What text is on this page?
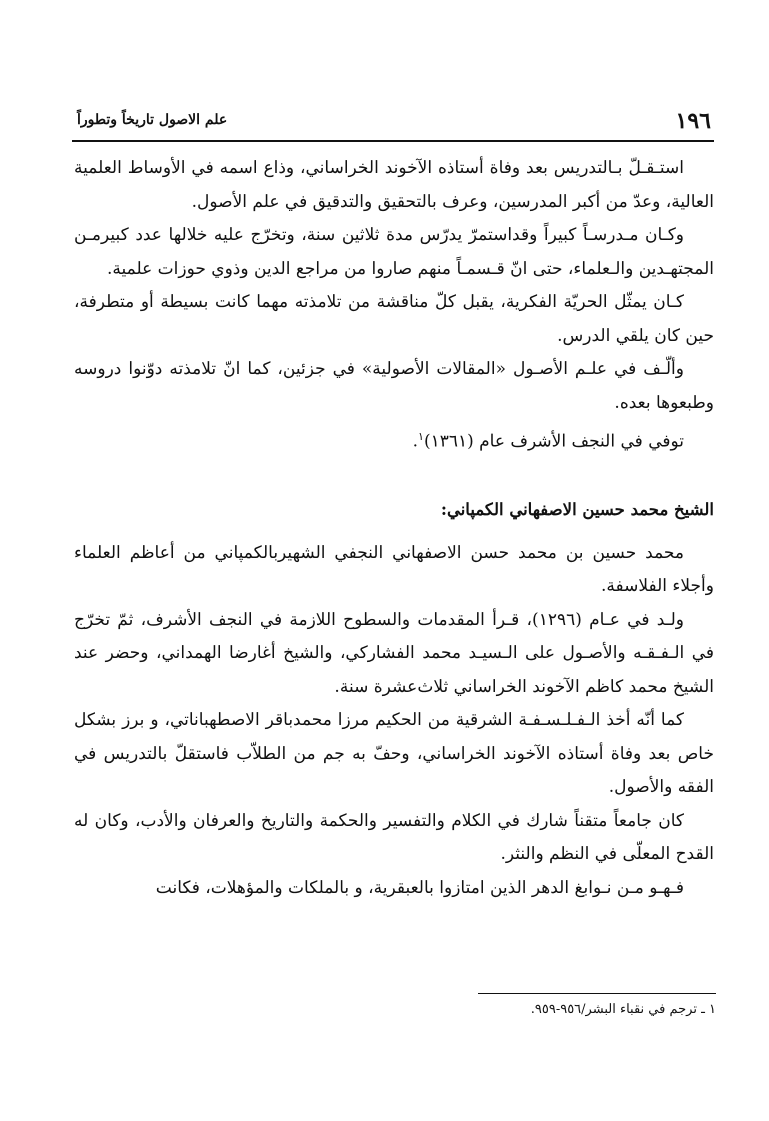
١٩٦
علم الاصول تاريخاً وتطوراً

استـقـلّ بـالتدريس بعد وفاة أستاذه الآخوند الخراساني، وذاع اسمه في الأوساط العلمية العالية، وعدّ من أكبر المدرسين، وعرف بالتحقيق والتدقيق في علم الأصول.

وكـان مـدرسـاً كبيراً وقداستمرّ يدرّس مدة ثلاثين سنة، وتخرّج عليه خلالها عدد كبيرمـن المجتهـدين والـعلماء، حتى انّ قـسمـاً منهم صاروا من مراجع الدين وذوي حوزات علمية.

كـان يمثّل الحريّة الفكرية، يقبل كلّ مناقشة من تلامذته مهما كانت بسيطة أو متطرفة، حين كان يلقي الدرس.

وألّـف في علـم الأصـول «المقالات الأصولية» في جزئين، كما انّ تلامذته دوّنوا دروسه وطبعوها بعده.

توفي في النجف الأشرف عام (١٣٦١)$^١$.

الشيخ محمد حسين الاصفهاني الكمپاني:

محمد حسين بن محمد حسن الاصفهاني النجفي الشهيربالكمپاني من أعاظم العلماء وأجلاء الفلاسفة.

ولـد في عـام (١٢٩٦)، قـرأ المقدمات والسطوح اللازمة في النجف الأشرف، ثمّ تخرّج في الـفـقـه والأصـول على الـسيـد محمد الفشاركي، والشيخ أغارضا الهمداني، وحضر عند الشيخ محمد كاظم الآخوند الخراساني ثلاث‌عشرة سنة.

كما أنّه أخذ الـفـلـسـفـة الشرقية من الحكيم مرزا محمدباقر الاصطهباناتي، و برز بشكل خاص بعد وفاة أستاذه الآخوند الخراساني، وحفّ به جم من الطلاّب فاستقلّ بالتدريس في الفقه والأصول.

كان جامعاً متقناً شارك في الكلام والتفسير والحكمة والتاريخ والعرفان والأدب، وكان له القدح المعلّى في النظم والنثر.

فـهـو مـن نـوابغ الدهر الذين امتازوا بالعبقرية، و بالملكات والمؤهلات، فكانت

١ ـ ترجم في نقباء البشر/٩٥٦-٩٥٩.
